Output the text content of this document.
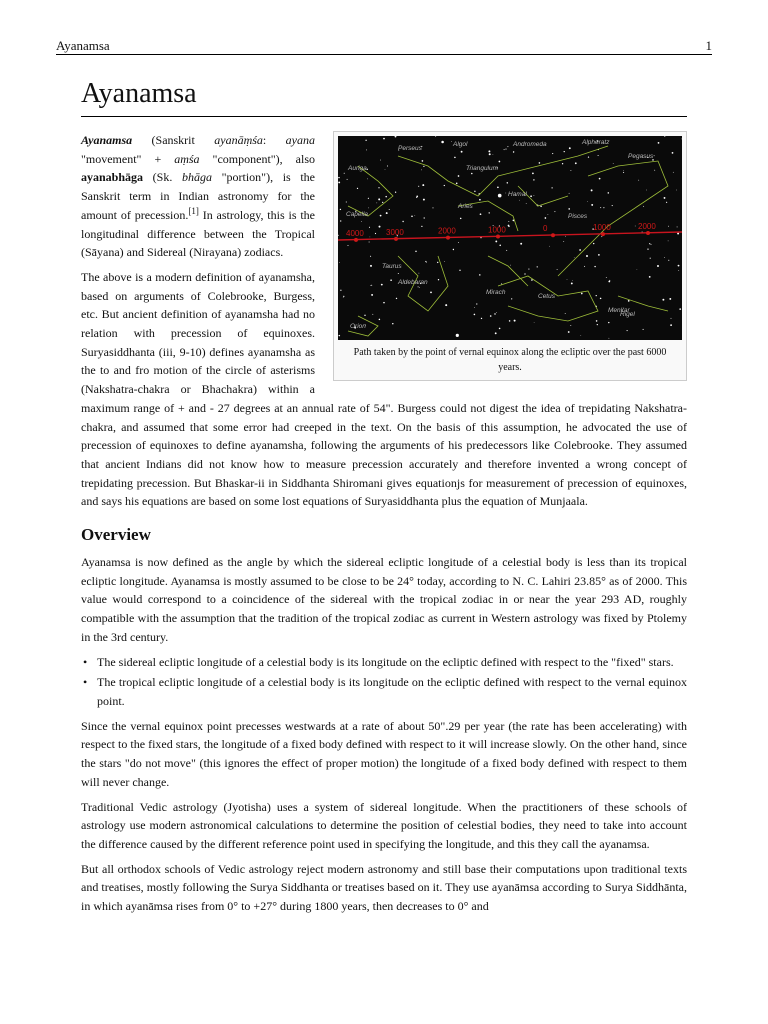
Ayanamsa	1
Ayanamsa
4000	3000	2000	1000	0	1000	2000
Perseus
Andromeda
Pegasus
Auriga	Triangulum
Aries
Pisces
Taurus
Cetus
Orion
Hamal
Algol
Aldebaran
Mirach
Menkar
Capella
Rigel
Alpheratz
Path taken by the point of vernal equinox along the ecliptic over the past 6000 years.

Ayanamsa (Sanskrit ayanāṃśa: ayana "movement" + aṃśa "component"), also ayanabhāga (Sk. bhāga "portion"), is the Sanskrit term in Indian astronomy for the amount of precession.[1] In astrology, this is the longitudinal difference between the Tropical (Sāyana) and Sidereal (Nirayana) zodiacs.

The above is a modern definition of ayanamsha, based on arguments of Colebrooke, Burgess, etc. But ancient definition of ayanamsha had no relation with precession of equinoxes. Suryasiddhanta (iii, 9-10) defines ayanamsha as the to and fro motion of the circle of asterisms (Nakshatra-chakra or Bhachakra) within a maximum range of + and - 27 degrees at an annual rate of 54". Burgess could not digest the idea of trepidating Nakshatra-chakra, and assumed that some error had creeped in the text. On the basis of this assumption, he advocated the use of precession of equinoxes to define ayanamsha, following the arguments of his predecessors like Colebrooke. They assumed that ancient Indians did not know how to measure precession accurately and therefore invented a wrong concept of trepidating precession. But Bhaskar-ii in Siddhanta Shiromani gives equationjs for measurement of precession of equinoxes, and says his equations are based on some lost equations of Suryasiddhanta plus the equation of Munjaala.

Overview

Ayanamsa is now defined as the angle by which the sidereal ecliptic longitude of a celestial body is less than its tropical ecliptic longitude. Ayanamsa is mostly assumed to be close to be 24° today, according to N. C. Lahiri 23.85° as of 2000. This value would correspond to a coincidence of the sidereal with the tropical zodiac in or near the year 293 AD, roughly compatible with the assumption that the tradition of the tropical zodiac as current in Western astrology was fixed by Ptolemy in the 3rd century.

• The sidereal ecliptic longitude of a celestial body is its longitude on the ecliptic defined with respect to the "fixed" stars.
• The tropical ecliptic longitude of a celestial body is its longitude on the ecliptic defined with respect to the vernal equinox point.

Since the vernal equinox point precesses westwards at a rate of about 50".29 per year (the rate has been accelerating) with respect to the fixed stars, the longitude of a fixed body defined with respect to it will increase slowly. On the other hand, since the stars "do not move" (this ignores the effect of proper motion) the longitude of a fixed body defined with respect to them will never change.

Traditional Vedic astrology (Jyotisha) uses a system of sidereal longitude. When the practitioners of these schools of astrology use modern astronomical calculations to determine the position of celestial bodies, they need to take into account the difference caused by the different reference point used in specifying the longitude, and this they call the ayanamsa.

But all orthodox schools of Vedic astrology reject modern astronomy and still base their computations upon traditional texts and treatises, mostly following the Surya Siddhanta or treatises based on it. They use ayanāmsa according to Surya Siddhānta, in which ayanāmsa rises from 0° to +27° during 1800 years, then decreases to 0° and
